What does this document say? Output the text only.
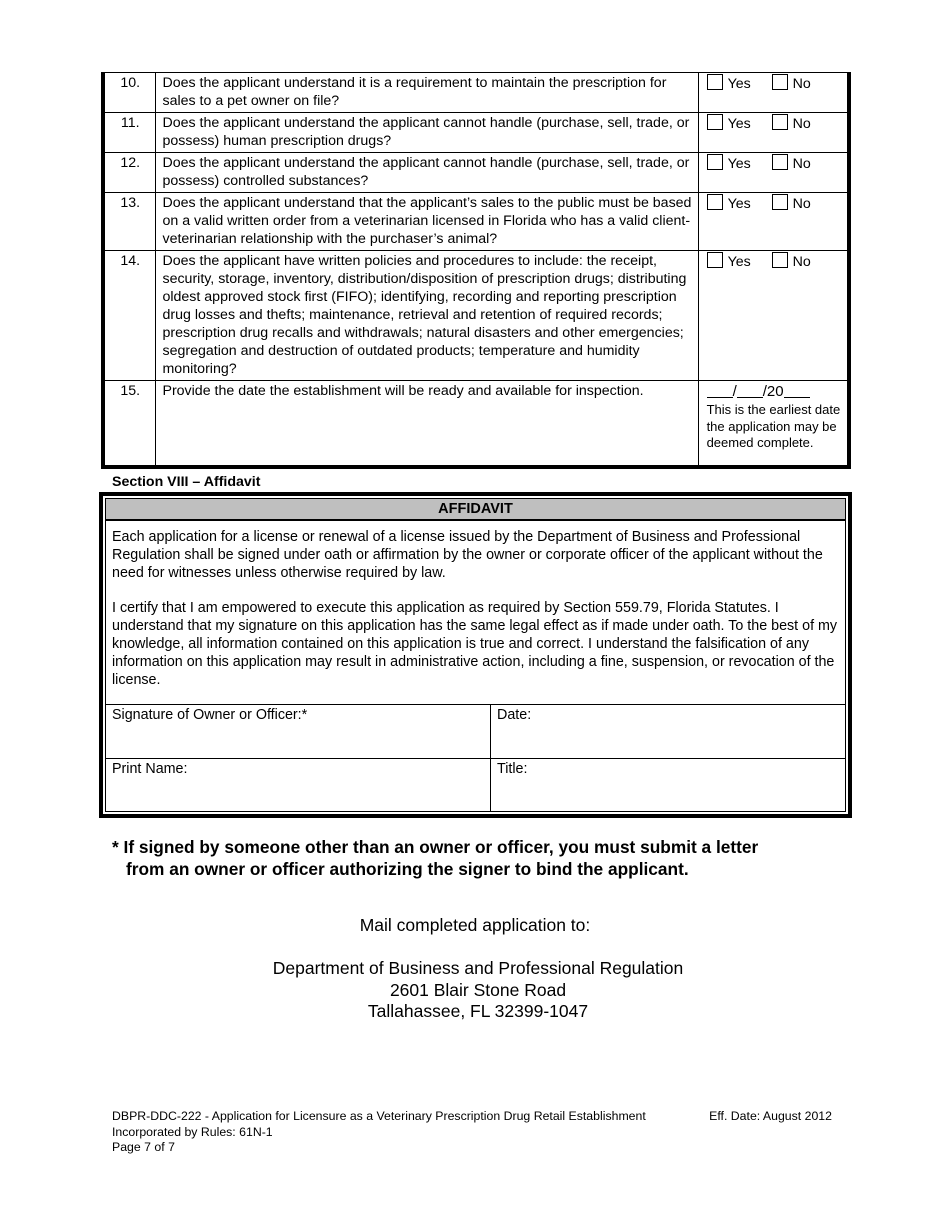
10.	Does the applicant understand it is a requirement to maintain the prescription for sales to a pet owner on file?	Yes No
11.	Does the applicant understand the applicant cannot handle (purchase, sell, trade, or possess) human prescription drugs?	Yes No
12.	Does the applicant understand the applicant cannot handle (purchase, sell, trade, or possess) controlled substances?	Yes No
13.	Does the applicant understand that the applicant’s sales to the public must be based on a valid written order from a veterinarian licensed in Florida who has a valid client-veterinarian relationship with the purchaser’s animal?	Yes No
14.	Does the applicant have written policies and procedures to include: the receipt, security, storage, inventory, distribution/disposition of prescription drugs; distributing oldest approved stock first (FIFO); identifying, recording and reporting prescription drug losses and thefts; maintenance, retrieval and retention of required records; prescription drug recalls and withdrawals; natural disasters and other emergencies; segregation and destruction of outdated products; temperature and humidity monitoring?	Yes No
15.	Provide the date the establishment will be ready and available for inspection.	/ /20
This is the earliest date the application may be deemed complete.
Section VIII – Affidavit
AFFIDAVIT

Each application for a license or renewal of a license issued by the Department of Business and Professional Regulation shall be signed under oath or affirmation by the owner or corporate officer of the applicant without the need for witnesses unless otherwise required by law.

I certify that I am empowered to execute this application as required by Section 559.79, Florida Statutes. I understand that my signature on this application has the same legal effect as if made under oath. To the best of my knowledge, all information contained on this application is true and correct. I understand the falsification of any information on this application may result in administrative action, including a fine, suspension, or revocation of the license.

Signature of Owner or Officer:*	Date:
Print Name:	Title:
* If signed by someone other than an owner or officer, you must submit a letter
from an owner or officer authorizing the signer to bind the applicant.
Mail completed application to:
Department of Business and Professional Regulation
2601 Blair Stone Road
Tallahassee, FL 32399-1047
DBPR-DDC-222 - Application for Licensure as a Veterinary Prescription Drug Retail Establishment	Eff. Date: August 2012
Incorporated by Rules: 61N-1
Page 7 of 7
